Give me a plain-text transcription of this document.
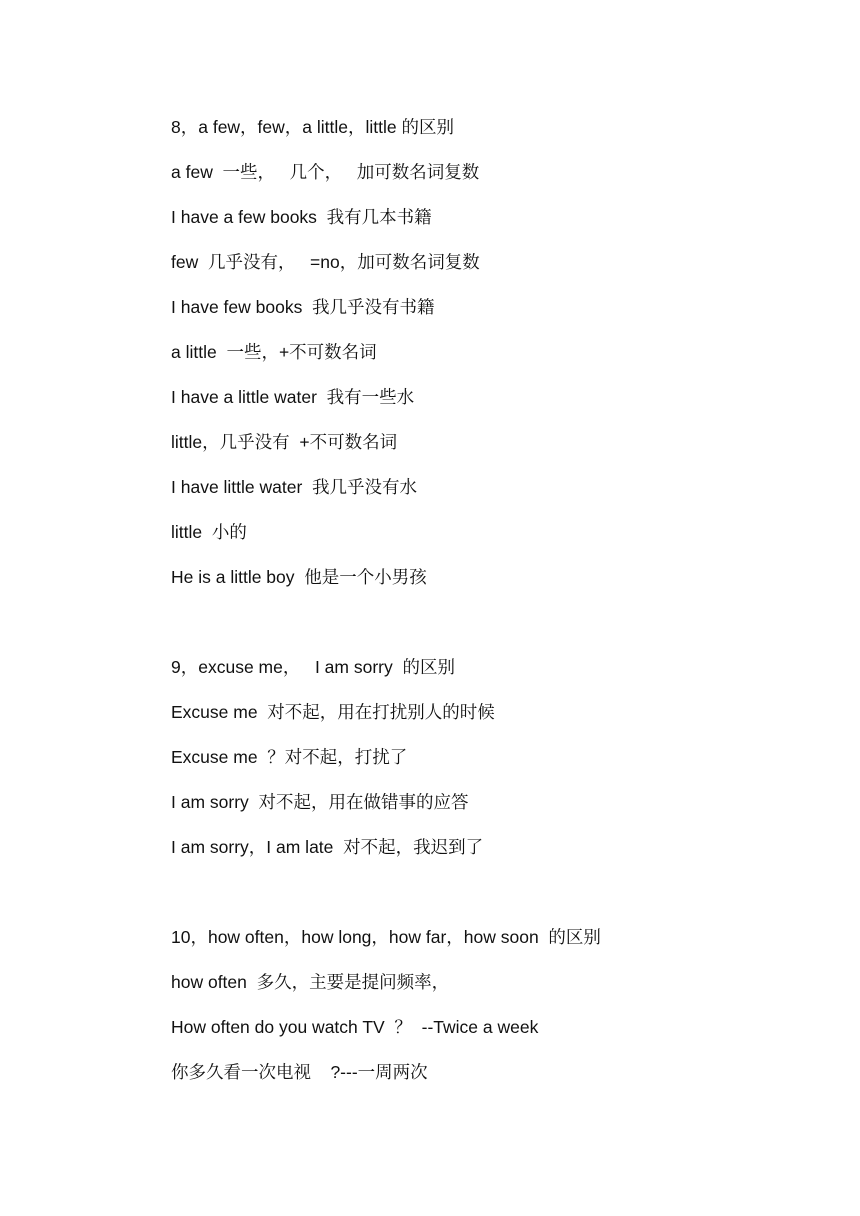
8，a few，few，a little，little 的区别
a few  一些，   几个，   加可数名词复数
I have a few books  我有几本书籍
few  几乎没有，   =no，加可数名词复数
I have few books  我几乎没有书籍
a little  一些，+不可数名词
I have a little water  我有一些水
little，几乎没有  +不可数名词
I have little water  我几乎没有水
little  小的
He is a little boy  他是一个小男孩
9，excuse me，   I am sorry  的区别
Excuse me  对不起，用在打扰别人的时候
Excuse me  ？对不起，打扰了
I am sorry  对不起，用在做错事的应答
I am sorry，I am late  对不起，我迟到了
10，how often，how long，how far，how soon  的区别
how often  多久，主要是提问频率，
How often do you watch TV  ？  --Twice a week
你多久看一次电视    ?---一周两次
